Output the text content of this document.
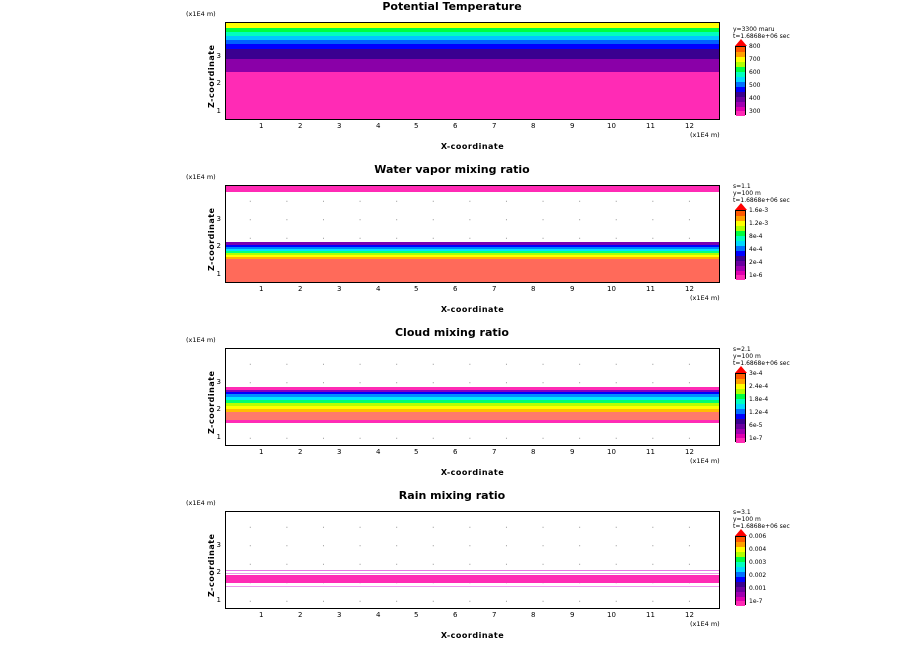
Potential Temperature
(x1E4 m)
Z-coordinate 3
2
1
1	2	3	4	5	6	7	8	9	10	11	12
(x1E4 m)
X-coordinate
y=3300 maru
t=1.6868e+06 sec
800
700
600
500
400
300
Water vapor mixing ratio
(x1E4 m)
Z-coordinate 3
2
1
1	2	3	4	5	6	7	8	9	10	11	12
(x1E4 m)
X-coordinate
s=1.1
y=100 m
t=1.6868e+06 sec
1.6e-3
1.2e-3
8e-4
4e-4
2e-4
1e-6
Cloud mixing ratio
(x1E4 m)
Z-coordinate 3
2
1
1	2	3	4	5	6	7	8	9	10	11	12
(x1E4 m)
X-coordinate
s=2.1
y=100 m
t=1.6868e+06 sec
3e-4
2.4e-4
1.8e-4
1.2e-4
6e-5
1e-7
Rain mixing ratio
(x1E4 m)
Z-coordinate 3
2
1
1	2	3	4	5	6	7	8	9	10	11	12
(x1E4 m)
X-coordinate
s=3.1
y=100 m
t=1.6868e+06 sec
0.006
0.004
0.003
0.002
0.001
1e-7
